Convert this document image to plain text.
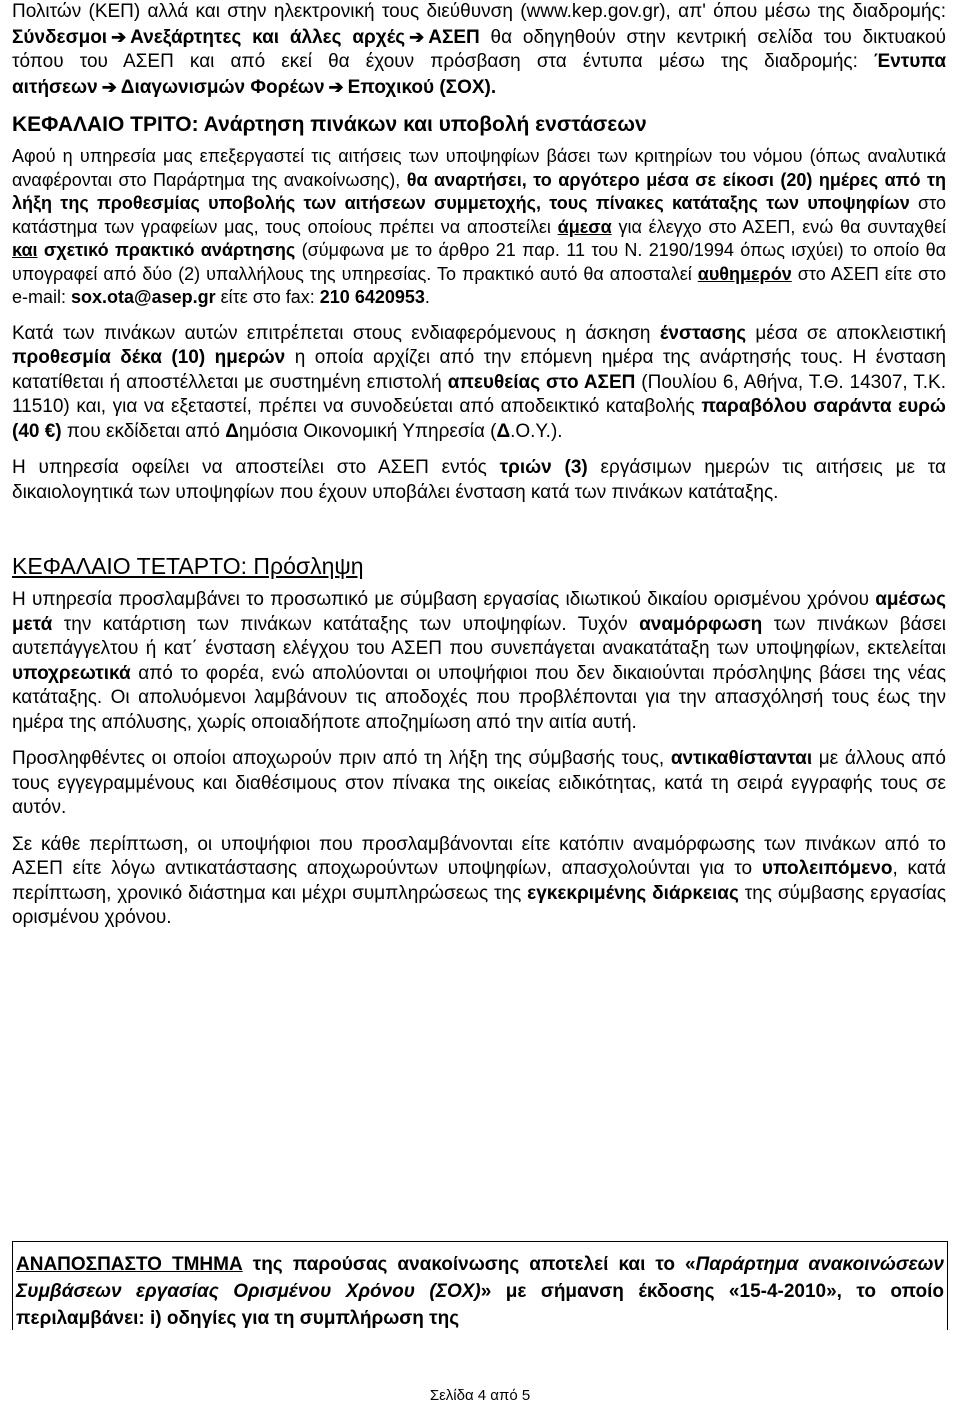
Πολιτών (ΚΕΠ) αλλά και στην ηλεκτρονική τους διεύθυνση (www.kep.gov.gr), απ' όπου μέσω της διαδρομής: Σύνδεσμοι ➔ Ανεξάρτητες και άλλες αρχές ➔ ΑΣΕΠ θα οδηγηθούν στην κεντρική σελίδα του δικτυακού τόπου του ΑΣΕΠ και από εκεί θα έχουν πρόσβαση στα έντυπα μέσω της διαδρομής: Έντυπα αιτήσεων ➔ Διαγωνισμών Φορέων ➔ Εποχικού (ΣΟΧ).

ΚΕΦΑΛΑΙΟ ΤΡΙΤΟ: Ανάρτηση πινάκων και υποβολή ενστάσεων

Αφού η υπηρεσία μας επεξεργαστεί τις αιτήσεις των υποψηφίων βάσει των κριτηρίων του νόμου (όπως αναλυτικά αναφέρονται στο Παράρτημα της ανακοίνωσης), θα αναρτήσει, το αργότερο μέσα σε είκοσι (20) ημέρες από τη λήξη της προθεσμίας υποβολής των αιτήσεων συμμετοχής, τους πίνακες κατάταξης των υποψηφίων στο κατάστημα των γραφείων μας, τους οποίους πρέπει να αποστείλει άμεσα για έλεγχο στο ΑΣΕΠ, ενώ θα συνταχθεί και σχετικό πρακτικό ανάρτησης (σύμφωνα με το άρθρο 21 παρ. 11 του Ν. 2190/1994 όπως ισχύει) το οποίο θα υπογραφεί από δύο (2) υπαλλήλους της υπηρεσίας. Το πρακτικό αυτό θα αποσταλεί αυθημερόν στο ΑΣΕΠ είτε στο e-mail: sox.ota@asep.gr είτε στο fax: 210 6420953.

Κατά των πινάκων αυτών επιτρέπεται στους ενδιαφερόμενους η άσκηση ένστασης μέσα σε αποκλειστική προθεσμία δέκα (10) ημερών η οποία αρχίζει από την επόμενη ημέρα της ανάρτησής τους. Η ένσταση κατατίθεται ή αποστέλλεται με συστημένη επιστολή απευθείας στο ΑΣΕΠ (Πουλίου 6, Αθήνα, Τ.Θ. 14307, Τ.Κ. 11510) και, για να εξεταστεί, πρέπει να συνοδεύεται από αποδεικτικό καταβολής παραβόλου σαράντα ευρώ (40 €) που εκδίδεται από Δημόσια Οικονομική Υπηρεσία (Δ.Ο.Υ.).

Η υπηρεσία οφείλει να αποστείλει στο ΑΣΕΠ εντός τριών (3) εργάσιμων ημερών τις αιτήσεις με τα δικαιολογητικά των υποψηφίων που έχουν υποβάλει ένσταση κατά των πινάκων κατάταξης.

ΚΕΦΑΛΑΙΟ ΤΕΤΑΡΤΟ: Πρόσληψη

Η υπηρεσία προσλαμβάνει το προσωπικό με σύμβαση εργασίας ιδιωτικού δικαίου ορισμένου χρόνου αμέσως μετά την κατάρτιση των πινάκων κατάταξης των υποψηφίων. Τυχόν αναμόρφωση των πινάκων βάσει αυτεπάγγελτου ή κατ΄ ένσταση ελέγχου του ΑΣΕΠ που συνεπάγεται ανακατάταξη των υποψηφίων, εκτελείται υποχρεωτικά από το φορέα, ενώ απολύονται οι υποψήφιοι που δεν δικαιούνται πρόσληψης βάσει της νέας κατάταξης. Οι απολυόμενοι λαμβάνουν τις αποδοχές που προβλέπονται για την απασχόλησή τους έως την ημέρα της απόλυσης, χωρίς οποιαδήποτε αποζημίωση από την αιτία αυτή.

Προσληφθέντες οι οποίοι αποχωρούν πριν από τη λήξη της σύμβασής τους, αντικαθίστανται με άλλους από τους εγγεγραμμένους και διαθέσιμους στον πίνακα της οικείας ειδικότητας, κατά τη σειρά εγγραφής τους σε αυτόν.

Σε κάθε περίπτωση, οι υποψήφιοι που προσλαμβάνονται είτε κατόπιν αναμόρφωσης των πινάκων από το ΑΣΕΠ είτε λόγω αντικατάστασης αποχωρούντων υποψηφίων, απασχολούνται για το υπολειπόμενο, κατά περίπτωση, χρονικό διάστημα και μέχρι συμπληρώσεως της εγκεκριμένης διάρκειας της σύμβασης εργασίας ορισμένου χρόνου.

ΑΝΑΠΟΣΠΑΣΤΟ ΤΜΗΜΑ της παρούσας ανακοίνωσης αποτελεί και το «Παράρτημα ανακοινώσεων Συμβάσεων εργασίας Ορισμένου Χρόνου (ΣΟΧ)» με σήμανση έκδοσης «15-4-2010», το οποίο περιλαμβάνει: i) οδηγίες για τη συμπλήρωση της

Σελίδα 4 από 5
